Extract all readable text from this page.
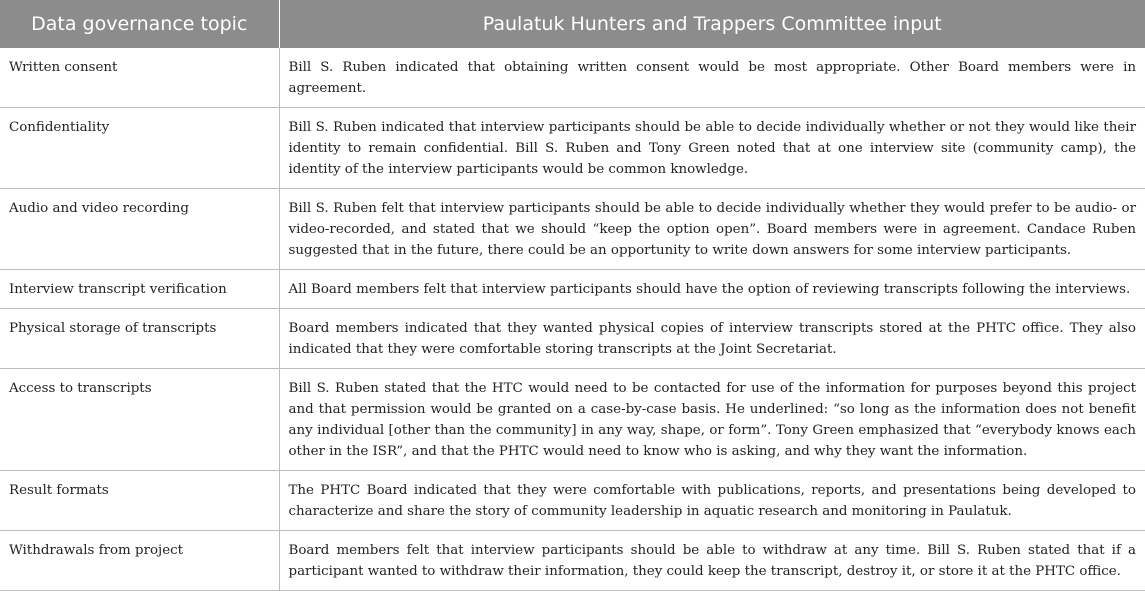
Data governance topic	Paulatuk Hunters and Trappers Committee input
Written consent	Bill S. Ruben indicated that obtaining written consent would be most appropriate. Other Board members were in agreement.
Confidentiality	Bill S. Ruben indicated that interview participants should be able to decide individually whether or not they would like their identity to remain confidential. Bill S. Ruben and Tony Green noted that at one interview site (community camp), the identity of the interview participants would be common knowledge.
Audio and video recording	Bill S. Ruben felt that interview participants should be able to decide individually whether they would prefer to be audio- or video-recorded, and stated that we should “keep the option open”. Board members were in agreement. Candace Ruben suggested that in the future, there could be an opportunity to write down answers for some interview participants.
Interview transcript verification	All Board members felt that interview participants should have the option of reviewing transcripts following the interviews.
Physical storage of transcripts	Board members indicated that they wanted physical copies of interview transcripts stored at the PHTC office. They also indicated that they were comfortable storing transcripts at the Joint Secretariat.
Access to transcripts	Bill S. Ruben stated that the HTC would need to be contacted for use of the information for purposes beyond this project and that permission would be granted on a case-by-case basis. He underlined: “so long as the information does not benefit any individual [other than the community] in any way, shape, or form”. Tony Green emphasized that “everybody knows each other in the ISR”, and that the PHTC would need to know who is asking, and why they want the information.
Result formats	The PHTC Board indicated that they were comfortable with publications, reports, and presentations being developed to characterize and share the story of community leadership in aquatic research and monitoring in Paulatuk.
Withdrawals from project	Board members felt that interview participants should be able to withdraw at any time. Bill S. Ruben stated that if a participant wanted to withdraw their information, they could keep the transcript, destroy it, or store it at the PHTC office.
